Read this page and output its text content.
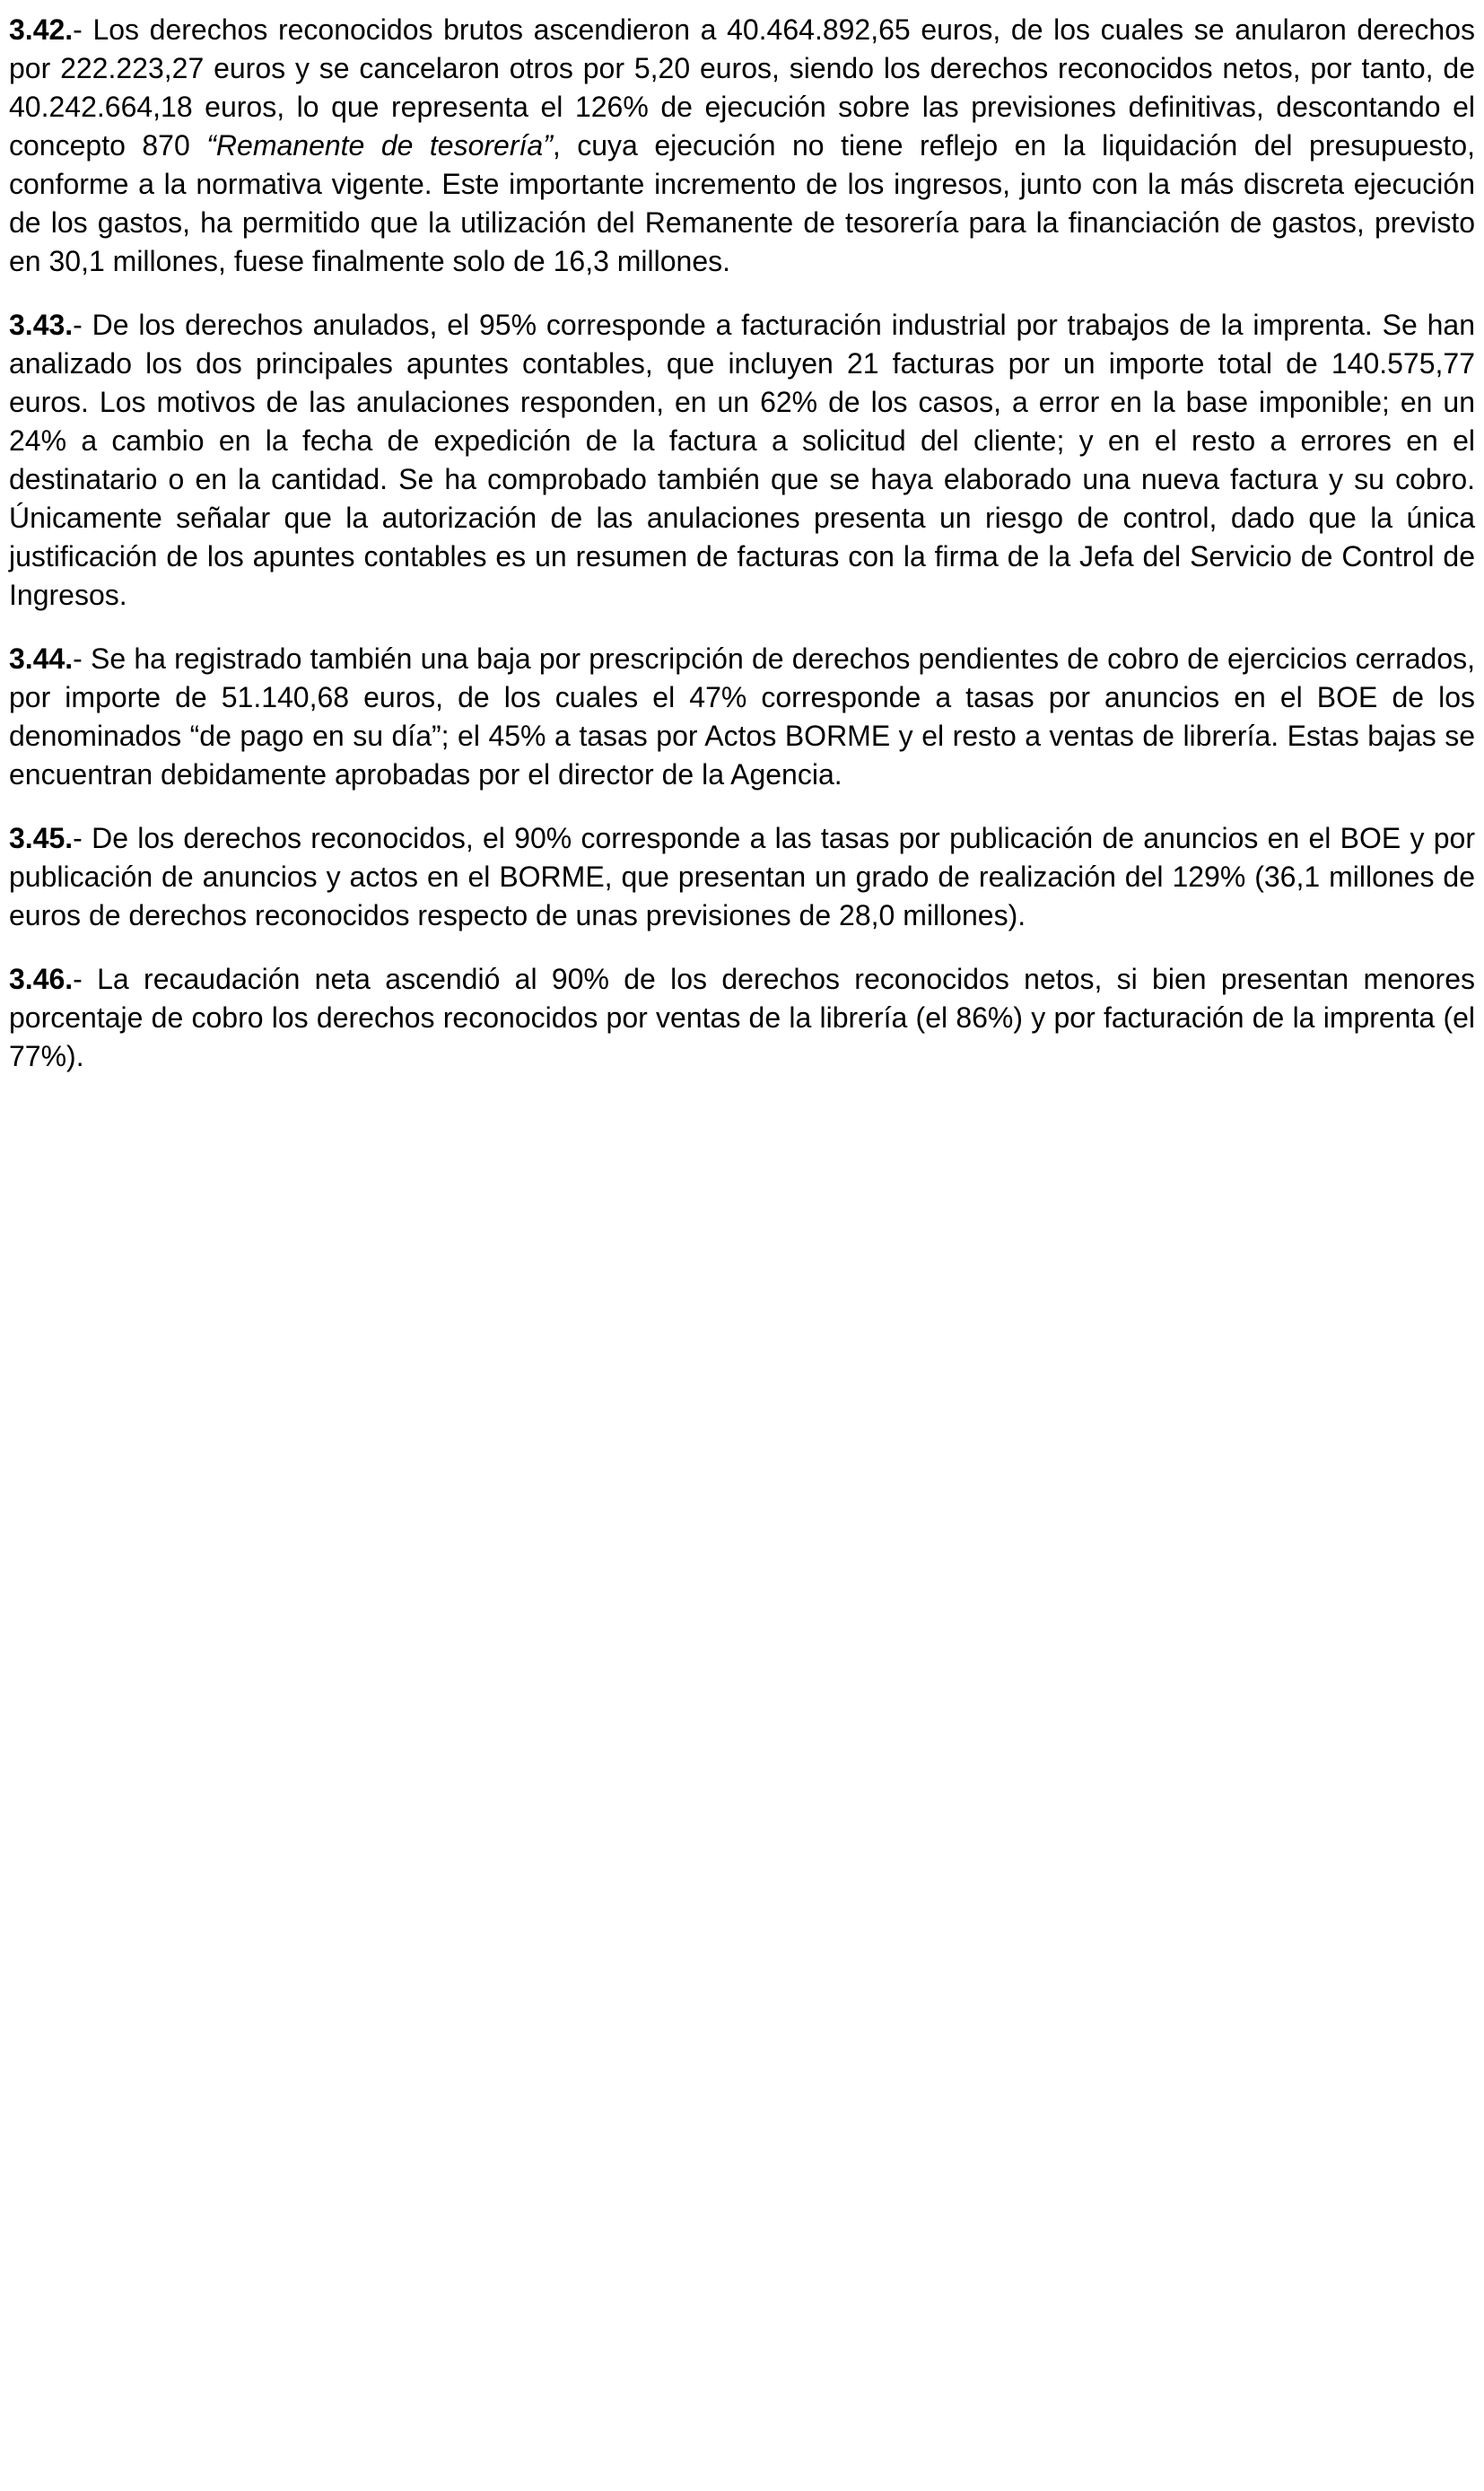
3.42.- Los derechos reconocidos brutos ascendieron a 40.464.892,65 euros, de los cuales se anularon derechos por 222.223,27 euros y se cancelaron otros por 5,20 euros, siendo los derechos reconocidos netos, por tanto, de 40.242.664,18 euros, lo que representa el 126% de ejecución sobre las previsiones definitivas, descontando el concepto 870 “Remanente de tesorería”, cuya ejecución no tiene reflejo en la liquidación del presupuesto, conforme a la normativa vigente. Este importante incremento de los ingresos, junto con la más discreta ejecución de los gastos, ha permitido que la utilización del Remanente de tesorería para la financiación de gastos, previsto en 30,1 millones, fuese finalmente solo de 16,3 millones.

3.43.- De los derechos anulados, el 95% corresponde a facturación industrial por trabajos de la imprenta. Se han analizado los dos principales apuntes contables, que incluyen 21 facturas por un importe total de 140.575,77 euros. Los motivos de las anulaciones responden, en un 62% de los casos, a error en la base imponible; en un 24% a cambio en la fecha de expedición de la factura a solicitud del cliente; y en el resto a errores en el destinatario o en la cantidad. Se ha comprobado también que se haya elaborado una nueva factura y su cobro. Únicamente señalar que la autorización de las anulaciones presenta un riesgo de control, dado que la única justificación de los apuntes contables es un resumen de facturas con la firma de la Jefa del Servicio de Control de Ingresos.

3.44.- Se ha registrado también una baja por prescripción de derechos pendientes de cobro de ejercicios cerrados, por importe de 51.140,68 euros, de los cuales el 47% corresponde a tasas por anuncios en el BOE de los denominados “de pago en su día”; el 45% a tasas por Actos BORME y el resto a ventas de librería. Estas bajas se encuentran debidamente aprobadas por el director de la Agencia.

3.45.- De los derechos reconocidos, el 90% corresponde a las tasas por publicación de anuncios en el BOE y por publicación de anuncios y actos en el BORME, que presentan un grado de realización del 129% (36,1 millones de euros de derechos reconocidos respecto de unas previsiones de 28,0 millones).

3.46.- La recaudación neta ascendió al 90% de los derechos reconocidos netos, si bien presentan menores porcentaje de cobro los derechos reconocidos por ventas de la librería (el 86%) y por facturación de la imprenta (el 77%).
